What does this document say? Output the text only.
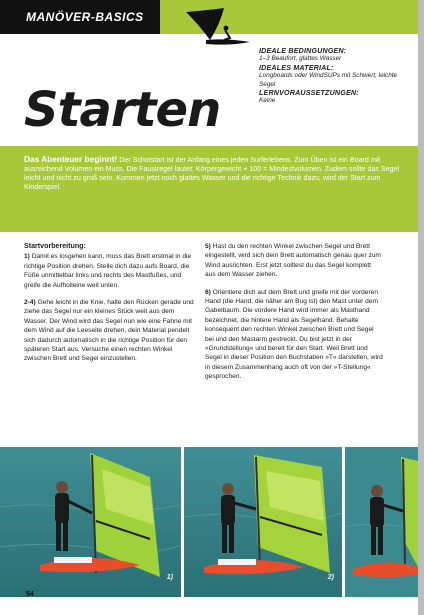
MANÖVER-BASICS
Starten
IDEALE BEDINGUNGEN:
1–3 Beaufort, glattes Wasser
IDEALES MATERIAL:
Longboards oder WindSUPs mit Schwert, leichte Segel
LERNVORAUSSETZUNGEN:
Keine
Das Abenteuer beginnt! Der Schotstart ist der Anfang eines jeden Surferlebens. Zum Üben ist ein Board mit ausreichend Volumen ein Muss. Die Faustregel lautet: Körpergewicht + 100 = Mindestvolumen. Zudem sollte das Segel leicht und nicht zu groß sein. Kommen jetzt noch glattes Wasser und die richtige Technik dazu, wird der Start zum Kinderspiel.
Startvorbereitung:

1) Damit es losgehen kann, muss das Brett erstmal in die richtige Position drehen. Stelle dich dazu aufs Board, die Füße unmittelbar links und rechts des Mastfußes, und greife die Aufholleine weit unten.

2-4) Gehe leicht in die Knie, halte den Rücken gerade und ziehe das Segel nur ein kleines Stück weit aus dem Wasser. Der Wind wird das Segel nun wie eine Fahne mit dem Wind auf die Leeseite drehen, dein Material pendelt sich dadurch automatisch in die richtige Position für den späteren Start aus. Versuche einen rechten Winkel zwischen Brett und Segel einzustellen.

5) Hast du den rechten Winkel zwischen Segel und Brett eingestellt, wird sich dein Brett automatisch genau quer zum Wind ausrichten. Erst jetzt solltest du das Segel komplett aus dem Wasser ziehen.

6) Orientiere dich auf dem Brett und greife mit der vorderen Hand (die Hand, die näher am Bug ist) den Mast unter dem Gabelbaum. Die vordere Hand wird immer als Masthand bezeichnet, die hintere Hand als Segelhand. Behalte konsequent den rechten Winkel zwischen Brett und Segel bei und den Mastarm gestreckt. Du bist jetzt in der »Grundstellung« und bereit für den Start. Weil Brett und Segel in dieser Position den Buchstaben »T« darstellen, wird in diesem Zusammenhang auch oft von der »T-Stellung« gesprochen.

1)	2)
54
